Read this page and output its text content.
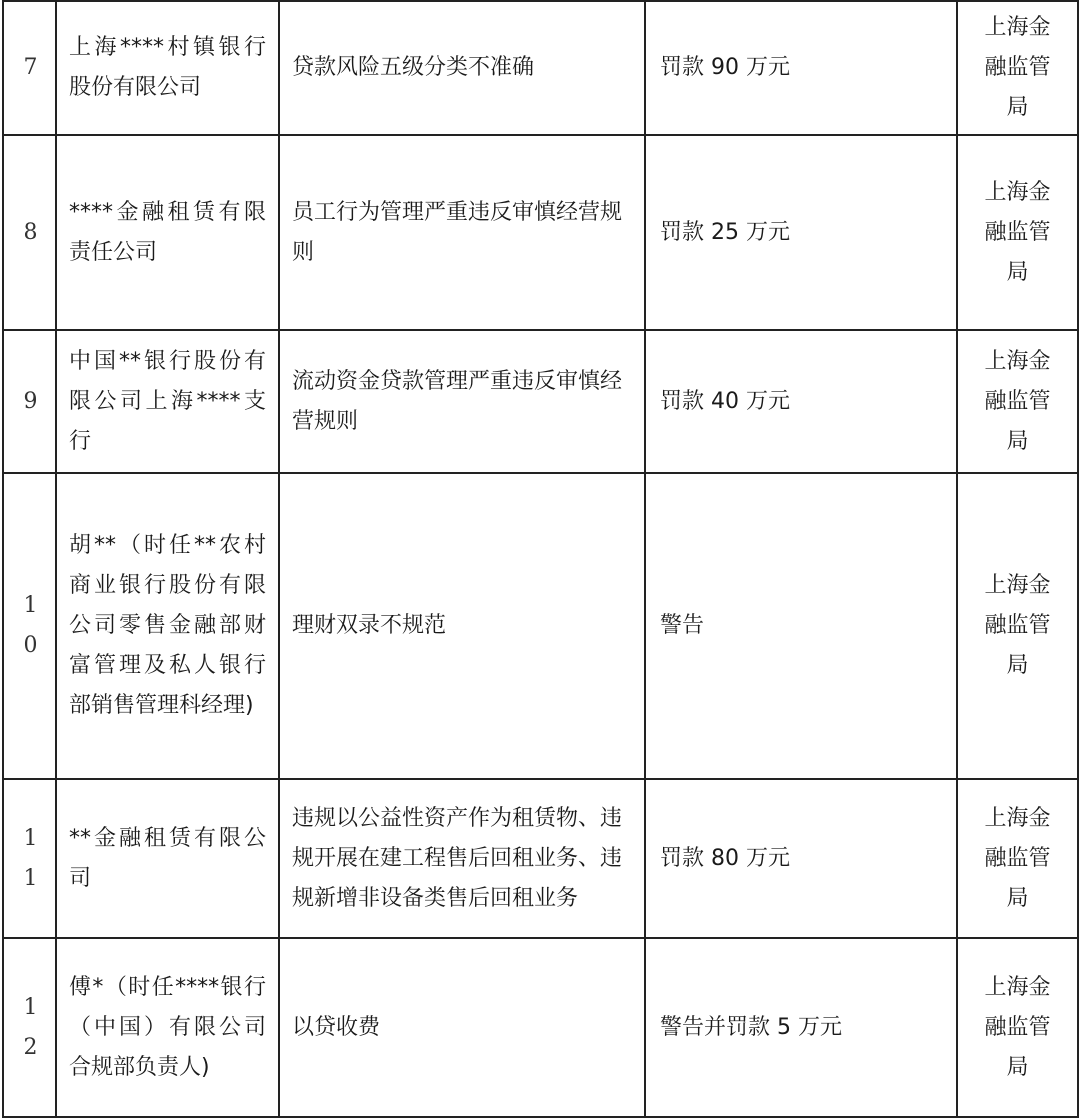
7	上海****村镇银行股份有限公司	贷款风险五级分类不准确	罚款 90 万元	上海金融监管局
8	****金融租赁有限责任公司	员工行为管理严重违反审慎经营规则	罚款 25 万元	上海金融监管局
9	中国**银行股份有限公司上海****支行	流动资金贷款管理严重违反审慎经营规则	罚款 40 万元	上海金融监管局
10	胡**（时任**农村商业银行股份有限公司零售金融部财富管理及私人银行部销售管理科经理)	理财双录不规范	警告	上海金融监管局
11	**金融租赁有限公司	违规以公益性资产作为租赁物、违规开展在建工程售后回租业务、违规新增非设备类售后回租业务	罚款 80 万元	上海金融监管局
12	傅*（时任****银行（中国）有限公司合规部负责人)	以贷收费	警告并罚款 5 万元	上海金融监管局
